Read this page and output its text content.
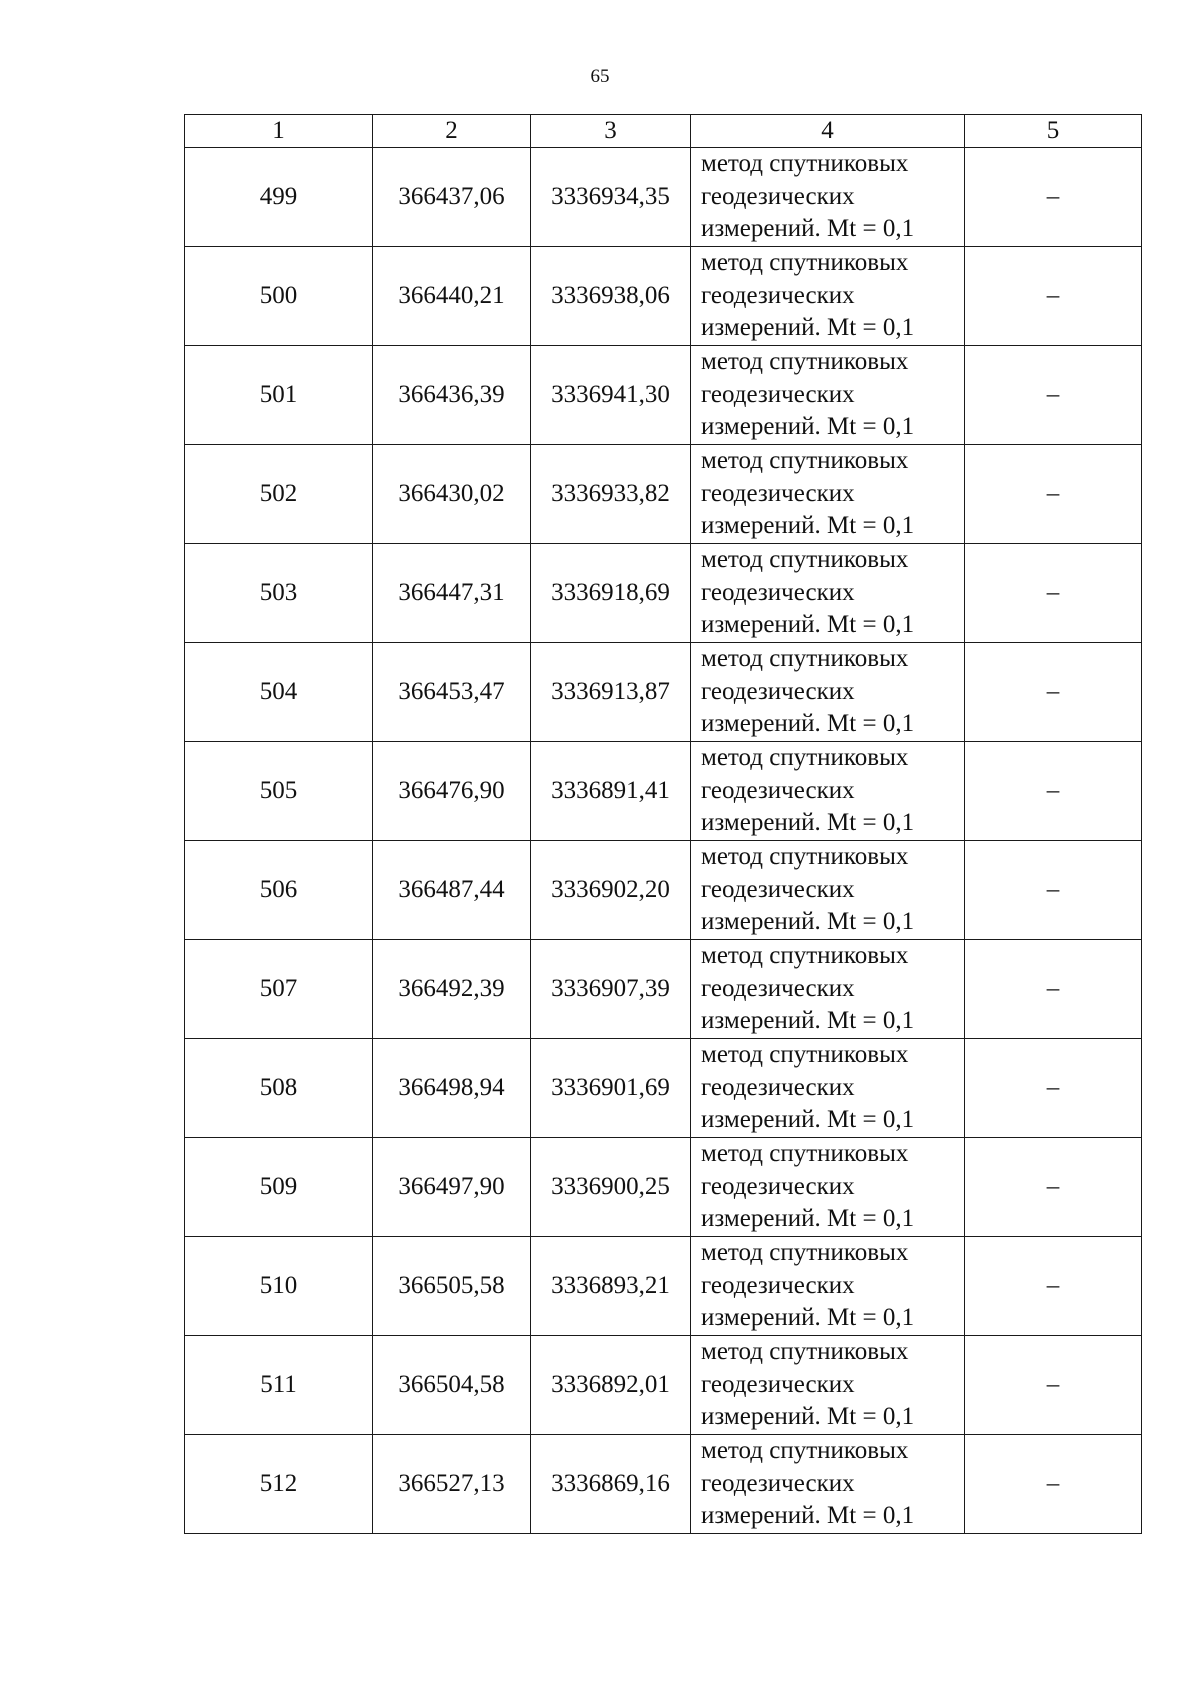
65
1	2	3	4	5
499	366437,06	3336934,35	метод спутниковых
геодезических
измерений. Mt = 0,1	–
500	366440,21	3336938,06	метод спутниковых
геодезических
измерений. Mt = 0,1	–
501	366436,39	3336941,30	метод спутниковых
геодезических
измерений. Mt = 0,1	–
502	366430,02	3336933,82	метод спутниковых
геодезических
измерений. Mt = 0,1	–
503	366447,31	3336918,69	метод спутниковых
геодезических
измерений. Mt = 0,1	–
504	366453,47	3336913,87	метод спутниковых
геодезических
измерений. Mt = 0,1	–
505	366476,90	3336891,41	метод спутниковых
геодезических
измерений. Mt = 0,1	–
506	366487,44	3336902,20	метод спутниковых
геодезических
измерений. Mt = 0,1	–
507	366492,39	3336907,39	метод спутниковых
геодезических
измерений. Mt = 0,1	–
508	366498,94	3336901,69	метод спутниковых
геодезических
измерений. Mt = 0,1	–
509	366497,90	3336900,25	метод спутниковых
геодезических
измерений. Mt = 0,1	–
510	366505,58	3336893,21	метод спутниковых
геодезических
измерений. Mt = 0,1	–
511	366504,58	3336892,01	метод спутниковых
геодезических
измерений. Mt = 0,1	–
512	366527,13	3336869,16	метод спутниковых
геодезических
измерений. Mt = 0,1	–
